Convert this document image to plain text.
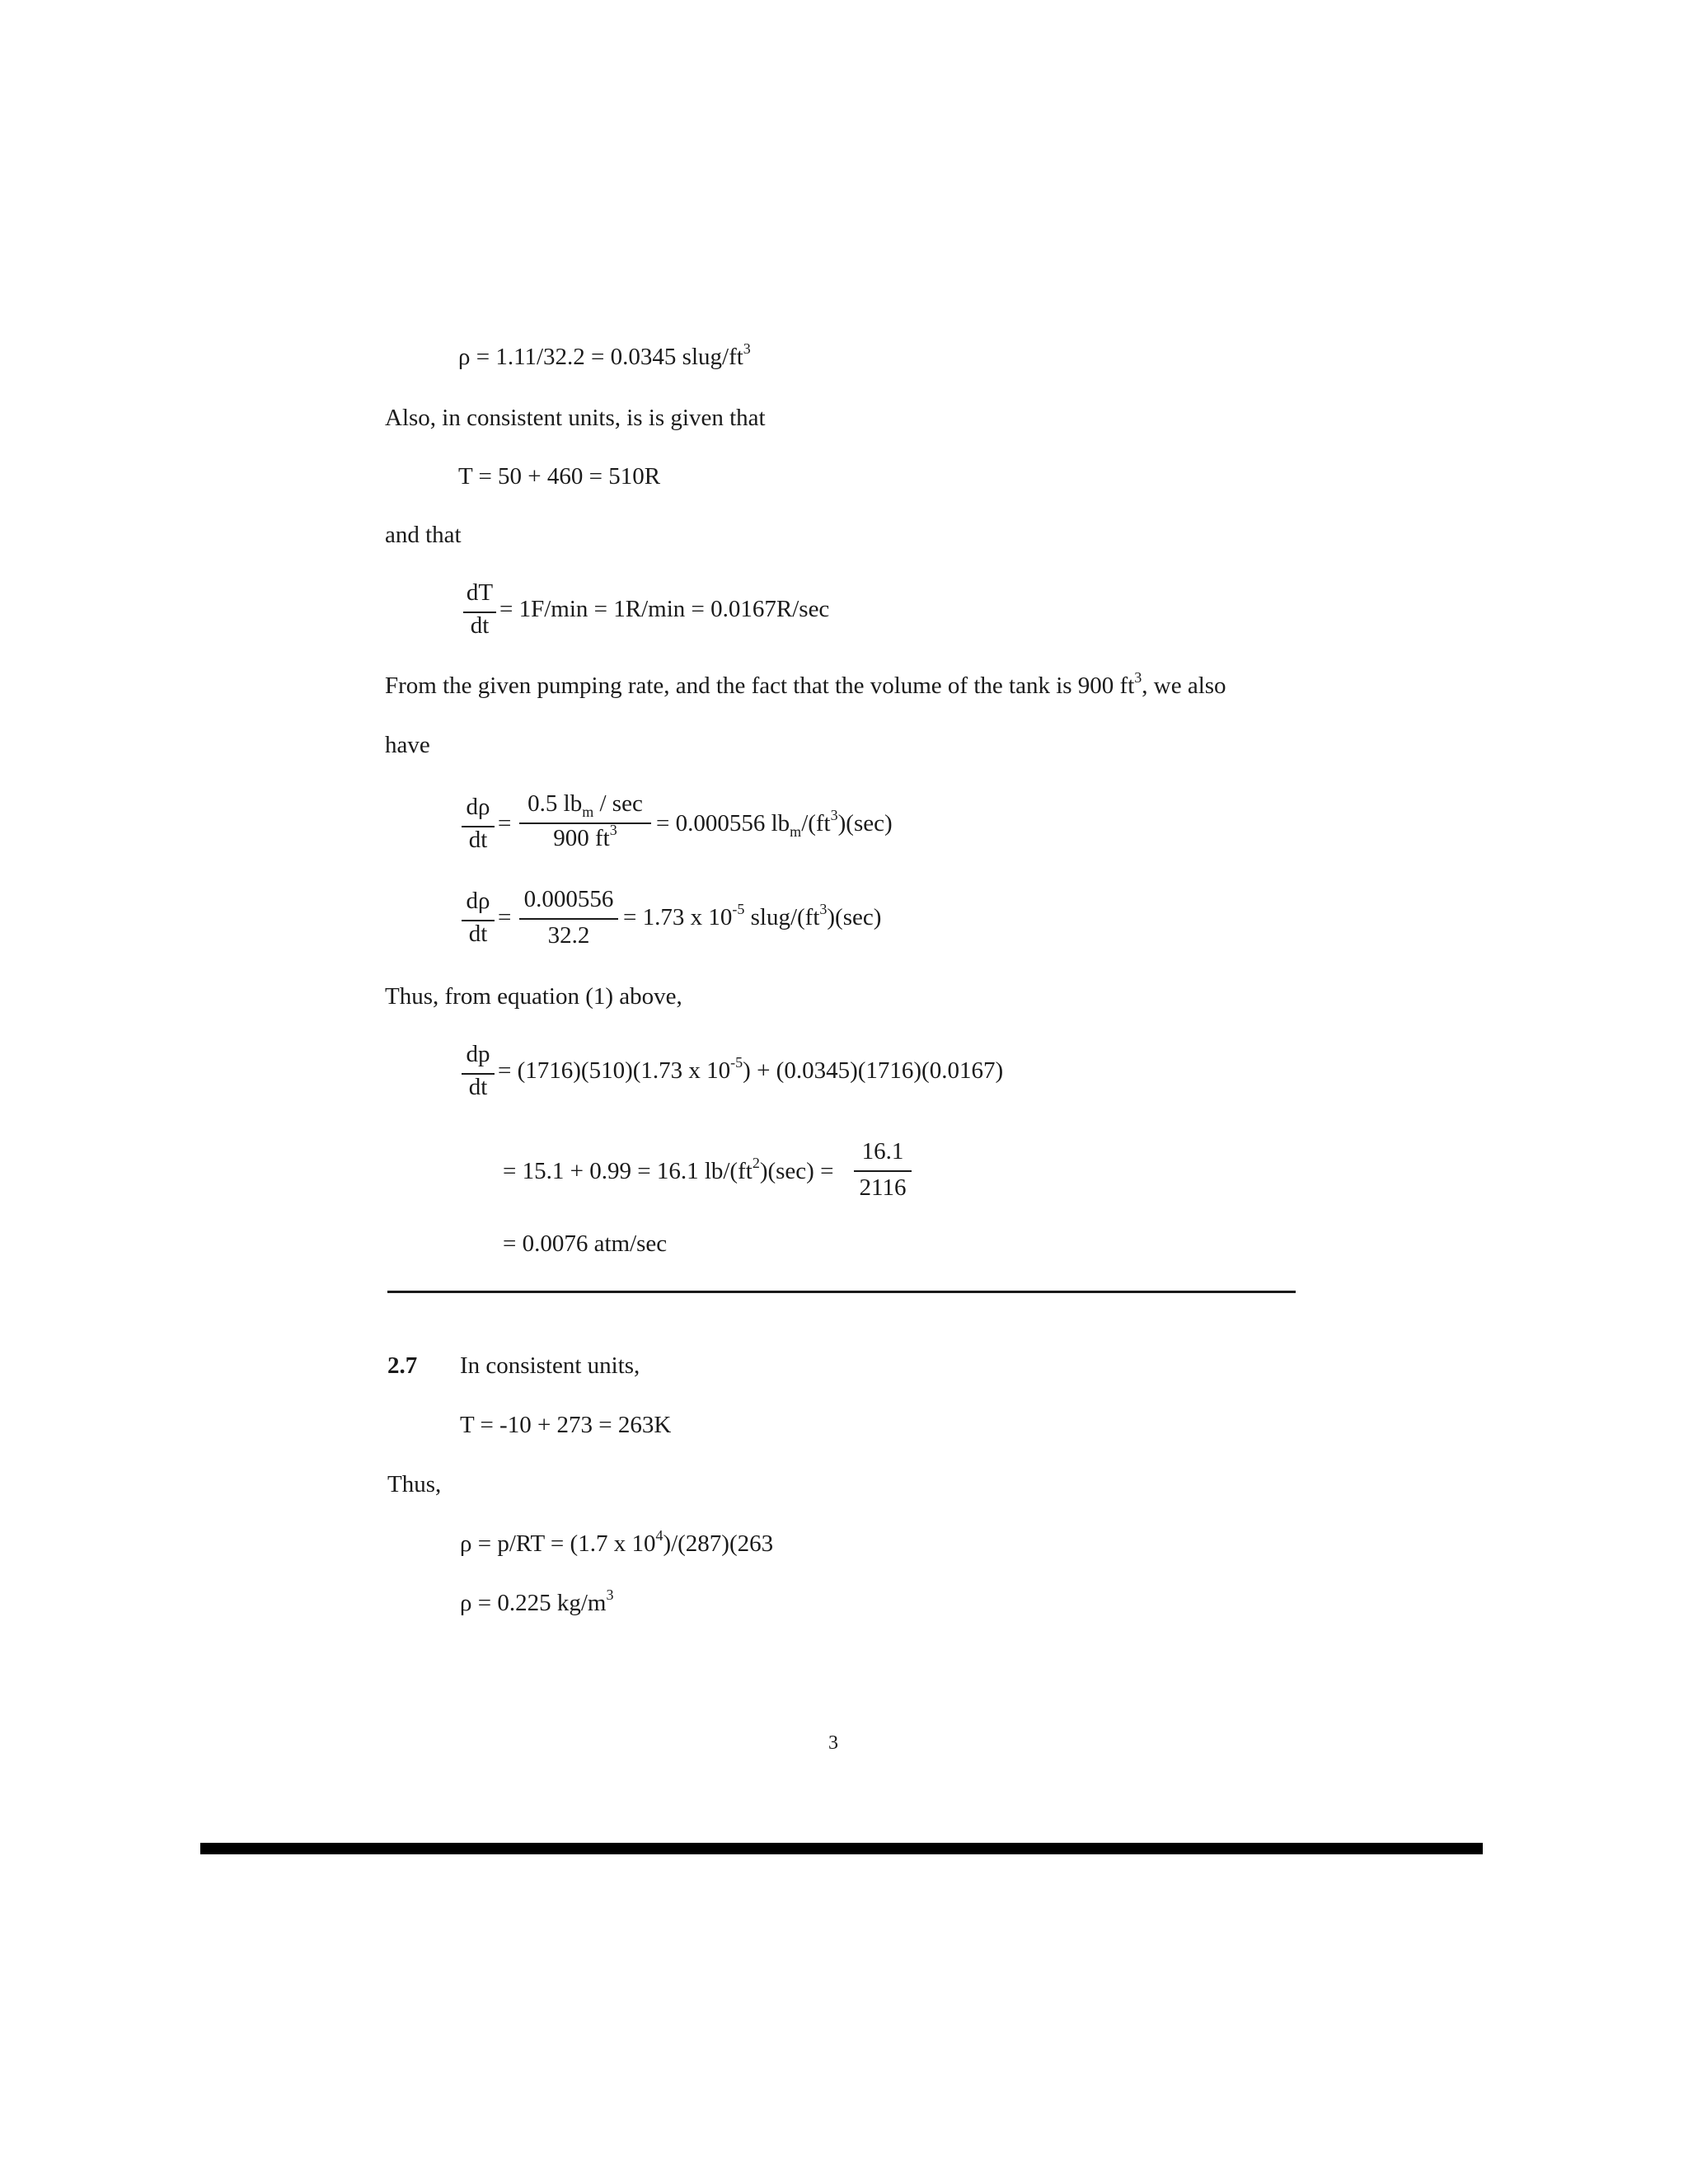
ρ = 1.11/32.2 = 0.0345 slug/$ft^3$
Also, in consistent units, is is given that
T = 50 + 460 = 510R
and that
dT
dt
= 1F/min = 1R/min = 0.0167R/sec
From the given pumping rate, and the fact that the volume of the tank is 900 $ft^3$, we also
have
dρ
dt
=
0.5 $lb_m$ / sec
900 $ft^3$	= 0.000556 $lb_m/(ft^3)(\sec)$
dρ
dt
=
0.000556
32.2
= 1.73 x $10^{-5}$ slug/$(ft^3)(\sec)$
Thus, from equation (1) above,
dp
dt
= (1716)(510)(1.73 x $10^{-5}) + (0.0345)(1716)(0.0167)$
= 15.1 + 0.99 = 16.1 $lb/(ft^2)(\sec)$ =
16.1
2116
= 0.0076 atm/sec
2.7 In consistent units,
T = -10 + 273 = 263K
Thus,
ρ = p/RT = (1.7 x $10^4)/(287)(263$
ρ = 0.225 $kg/m^3$
3
